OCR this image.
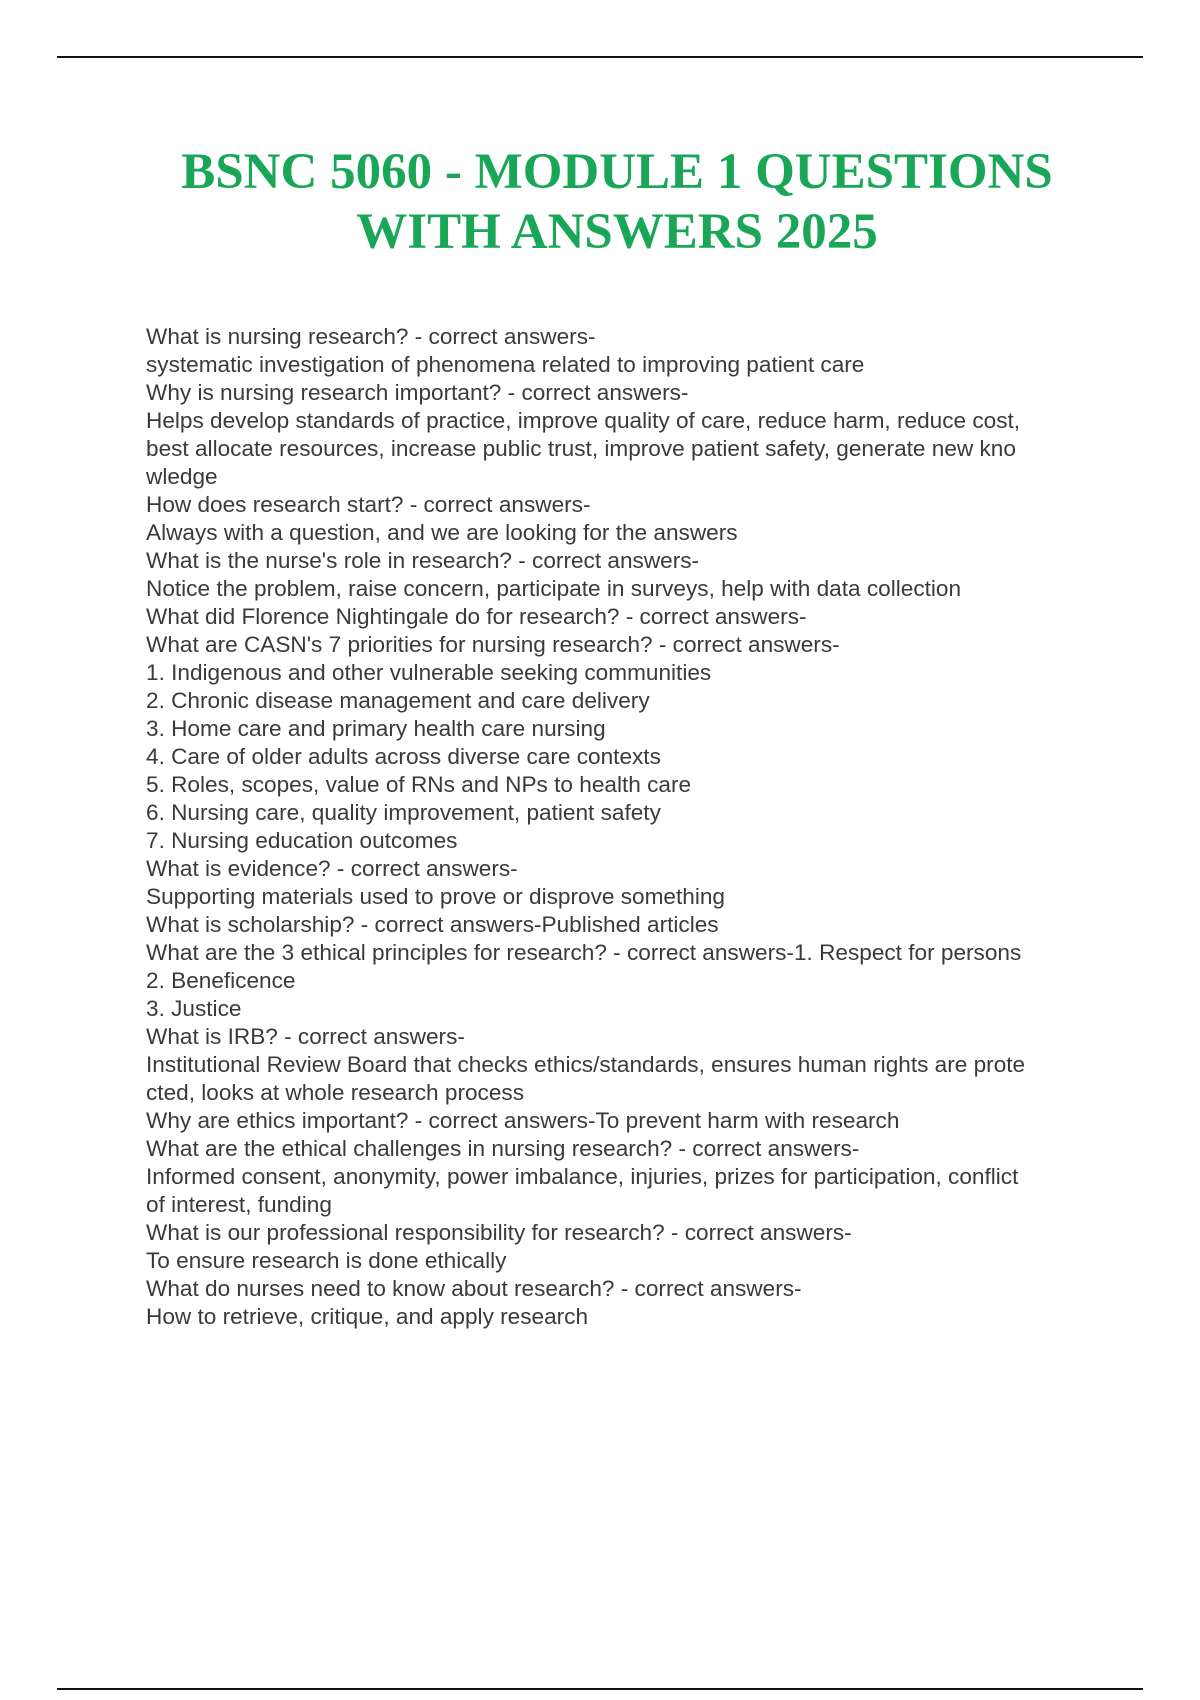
BSNC 5060 - MODULE 1 QUESTIONS
WITH ANSWERS 2025
What is nursing research? - correct answers-
systematic investigation of phenomena related to improving patient care
Why is nursing research important? - correct answers-
Helps develop standards of practice, improve quality of care, reduce harm, reduce cost,
best allocate resources, increase public trust, improve patient safety, generate new kno
wledge
How does research start? - correct answers-
Always with a question, and we are looking for the answers
What is the nurse's role in research? - correct answers-
Notice the problem, raise concern, participate in surveys, help with data collection
What did Florence Nightingale do for research? - correct answers-
What are CASN's 7 priorities for nursing research? - correct answers-
1. Indigenous and other vulnerable seeking communities
2. Chronic disease management and care delivery
3. Home care and primary health care nursing
4. Care of older adults across diverse care contexts
5. Roles, scopes, value of RNs and NPs to health care
6. Nursing care, quality improvement, patient safety
7. Nursing education outcomes
What is evidence? - correct answers-
Supporting materials used to prove or disprove something
What is scholarship? - correct answers-Published articles
What are the 3 ethical principles for research? - correct answers-1. Respect for persons
2. Beneficence
3. Justice
What is IRB? - correct answers-
Institutional Review Board that checks ethics/standards, ensures human rights are prote
cted, looks at whole research process
Why are ethics important? - correct answers-To prevent harm with research
What are the ethical challenges in nursing research? - correct answers-
Informed consent, anonymity, power imbalance, injuries, prizes for participation, conflict
of interest, funding
What is our professional responsibility for research? - correct answers-
To ensure research is done ethically
What do nurses need to know about research? - correct answers-
How to retrieve, critique, and apply research
